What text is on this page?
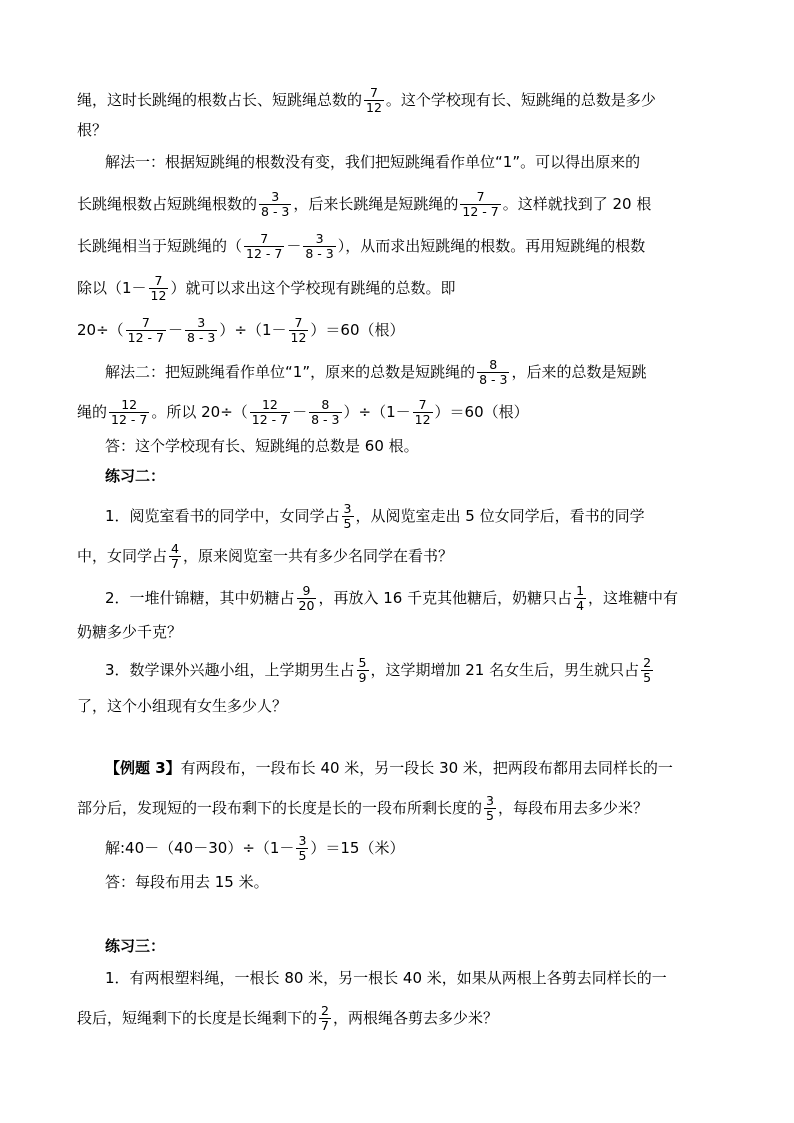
绳，这时长跳绳的根数占长、短跳绳总数的 $\frac{7}{12}$ 。这个学校现有长、短跳绳的总数是多少
根？
解法一：根据短跳绳的根数没有变，我们把短跳绳看作单位“1”。可以得出原来的
长跳绳根数占短跳绳根数的 $\frac{3}{8 - 3}$ ，后来长跳绳是短跳绳的 $\frac{7}{12 - 7}$ 。这样就找到了 20 根
长跳绳相当于短跳绳的（ $\frac{7}{12 - 7} - \frac{3}{8 - 3}$ ），从而求出短跳绳的根数。再用短跳绳的根数
除以（$1- \frac{7}{12}$ ）就可以求出这个学校现有跳绳的总数。即
$20\div( \frac{7}{12 - 7} - \frac{3}{8 - 3} )\div(1- \frac{7}{12} )=60$（根）
解法二：把短跳绳看作单位“1”，原来的总数是短跳绳的 $\frac{8}{8 - 3}$ ，后来的总数是短跳
绳的 $\frac{12}{12 - 7}$ 。所以 $20\div( \frac{12}{12 - 7} - \frac{8}{8 - 3} )\div(1- \frac{7}{12} )=60$（根）
答：这个学校现有长、短跳绳的总数是 60 根。
练习二：
1．阅览室看书的同学中，女同学占 $\frac{3}{5}$ ，从阅览室走出 5 位女同学后，看书的同学
中，女同学占 $\frac{4}{7}$ ，原来阅览室一共有多少名同学在看书？
2．一堆什锦糖，其中奶糖占 $\frac{9}{20}$ ，再放入 16 千克其他糖后，奶糖只占 $\frac{1}{4}$ ，这堆糖中有
奶糖多少千克？
3．数学课外兴趣小组，上学期男生占 $\frac{5}{9}$ ，这学期增加 21 名女生后，男生就只占 $\frac{2}{5}$
了，这个小组现有女生多少人？
【例题 3】有两段布，一段布长 40 米，另一段长 30 米，把两段布都用去同样长的一
部分后，发现短的一段布剩下的长度是长的一段布所剩长度的 $\frac{3}{5}$ ，每段布用去多少米？
解:40－（40－30）÷（1－ $\frac{3}{5} )=15$（米）
答：每段布用去 15 米。
练习三：
1．有两根塑料绳，一根长 80 米，另一根长 40 米，如果从两根上各剪去同样长的一
段后，短绳剩下的长度是长绳剩下的 $\frac{2}{7}$ ，两根绳各剪去多少米？
